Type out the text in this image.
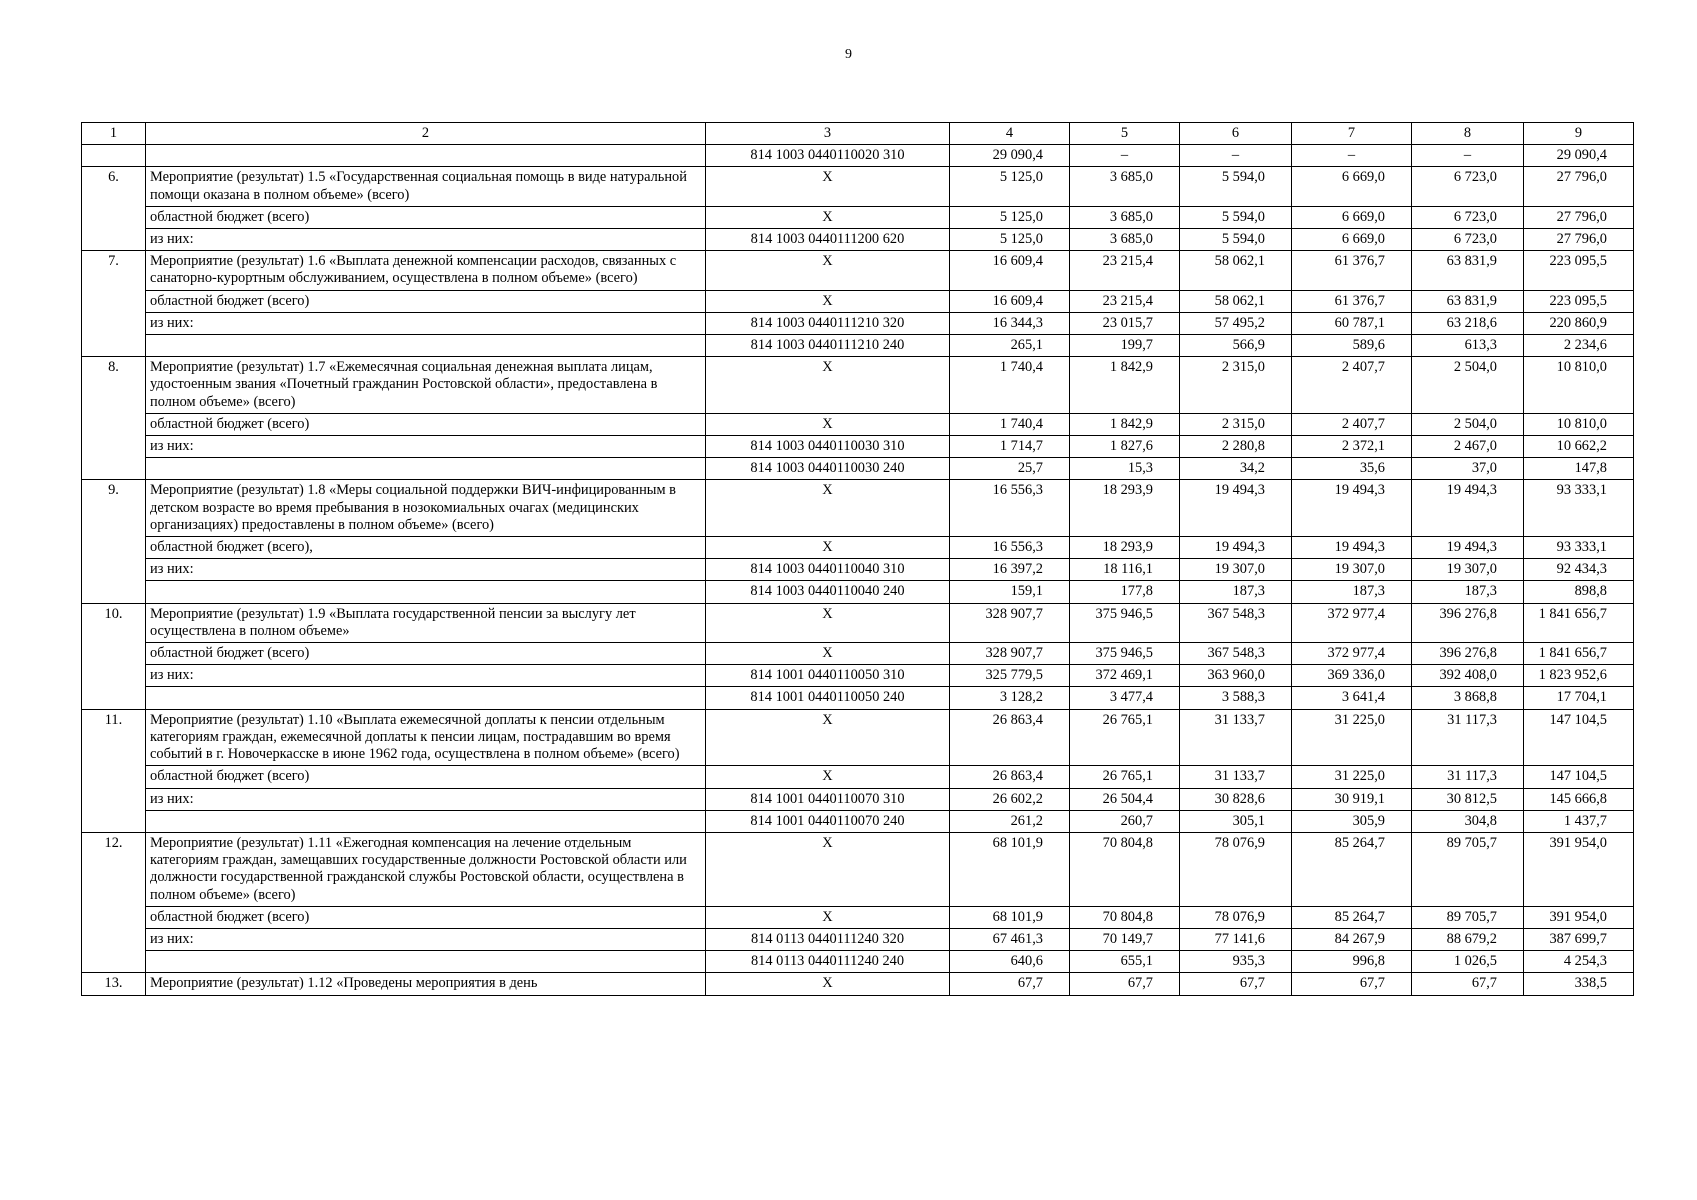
9
1	2	3	4	5	6	7	8	9
		814 1003 0440110020 310	29 090,4	–	–	–	–	29 090,4
6.	Мероприятие (результат) 1.5 «Государственная социальная помощь в виде натуральной помощи оказана в полном объеме» (всего)	Х	5 125,0	3 685,0	5 594,0	6 669,0	6 723,0	27 796,0
	областной бюджет (всего)	Х	5 125,0	3 685,0	5 594,0	6 669,0	6 723,0	27 796,0
	из них:	814 1003 0440111200 620	5 125,0	3 685,0	5 594,0	6 669,0	6 723,0	27 796,0
7.	Мероприятие (результат) 1.6 «Выплата денежной компенсации расходов, связанных с санаторно-курортным обслуживанием, осуществлена в полном объеме» (всего)	Х	16 609,4	23 215,4	58 062,1	61 376,7	63 831,9	223 095,5
	областной бюджет (всего)	Х	16 609,4	23 215,4	58 062,1	61 376,7	63 831,9	223 095,5
	из них:	814 1003 0440111210 320	16 344,3	23 015,7	57 495,2	60 787,1	63 218,6	220 860,9
		814 1003 0440111210 240	265,1	199,7	566,9	589,6	613,3	2 234,6
8.	Мероприятие (результат) 1.7 «Ежемесячная социальная денежная выплата лицам, удостоенным звания «Почетный гражданин Ростовской области», предоставлена в полном объеме» (всего)	Х	1 740,4	1 842,9	2 315,0	2 407,7	2 504,0	10 810,0
	областной бюджет (всего)	Х	1 740,4	1 842,9	2 315,0	2 407,7	2 504,0	10 810,0
	из них:	814 1003 0440110030 310	1 714,7	1 827,6	2 280,8	2 372,1	2 467,0	10 662,2
		814 1003 0440110030 240	25,7	15,3	34,2	35,6	37,0	147,8
9.	Мероприятие (результат) 1.8 «Меры социальной поддержки ВИЧ-инфицированным в детском возрасте во время пребывания в нозокомиальных очагах (медицинских организациях) предоставлены в полном объеме» (всего)	Х	16 556,3	18 293,9	19 494,3	19 494,3	19 494,3	93 333,1
	областной бюджет (всего),	Х	16 556,3	18 293,9	19 494,3	19 494,3	19 494,3	93 333,1
	из них:	814 1003 0440110040 310	16 397,2	18 116,1	19 307,0	19 307,0	19 307,0	92 434,3
		814 1003 0440110040 240	159,1	177,8	187,3	187,3	187,3	898,8
10.	Мероприятие (результат) 1.9 «Выплата государственной пенсии за выслугу лет осуществлена в полном объеме»	Х	328 907,7	375 946,5	367 548,3	372 977,4	396 276,8	1 841 656,7
	областной бюджет (всего)	Х	328 907,7	375 946,5	367 548,3	372 977,4	396 276,8	1 841 656,7
	из них:	814 1001 0440110050 310	325 779,5	372 469,1	363 960,0	369 336,0	392 408,0	1 823 952,6
		814 1001 0440110050 240	3 128,2	3 477,4	3 588,3	3 641,4	3 868,8	17 704,1
11.	Мероприятие (результат) 1.10 «Выплата ежемесячной доплаты к пенсии отдельным категориям граждан, ежемесячной доплаты к пенсии лицам, пострадавшим во время событий в г. Новочеркасске в июне 1962 года, осуществлена в полном объеме» (всего)	Х	26 863,4	26 765,1	31 133,7	31 225,0	31 117,3	147 104,5
	областной бюджет (всего)	Х	26 863,4	26 765,1	31 133,7	31 225,0	31 117,3	147 104,5
	из них:	814 1001 0440110070 310	26 602,2	26 504,4	30 828,6	30 919,1	30 812,5	145 666,8
		814 1001 0440110070 240	261,2	260,7	305,1	305,9	304,8	1 437,7
12.	Мероприятие (результат) 1.11 «Ежегодная компенсация на лечение отдельным категориям граждан, замещавших государственные должности Ростовской области или должности государственной гражданской службы Ростовской области, осуществлена в полном объеме» (всего)	Х	68 101,9	70 804,8	78 076,9	85 264,7	89 705,7	391 954,0
	областной бюджет (всего)	Х	68 101,9	70 804,8	78 076,9	85 264,7	89 705,7	391 954,0
	из них:	814 0113 0440111240 320	67 461,3	70 149,7	77 141,6	84 267,9	88 679,2	387 699,7
		814 0113 0440111240 240	640,6	655,1	935,3	996,8	1 026,5	4 254,3
13.	Мероприятие (результат) 1.12 «Проведены мероприятия в день	Х	67,7	67,7	67,7	67,7	67,7	338,5
